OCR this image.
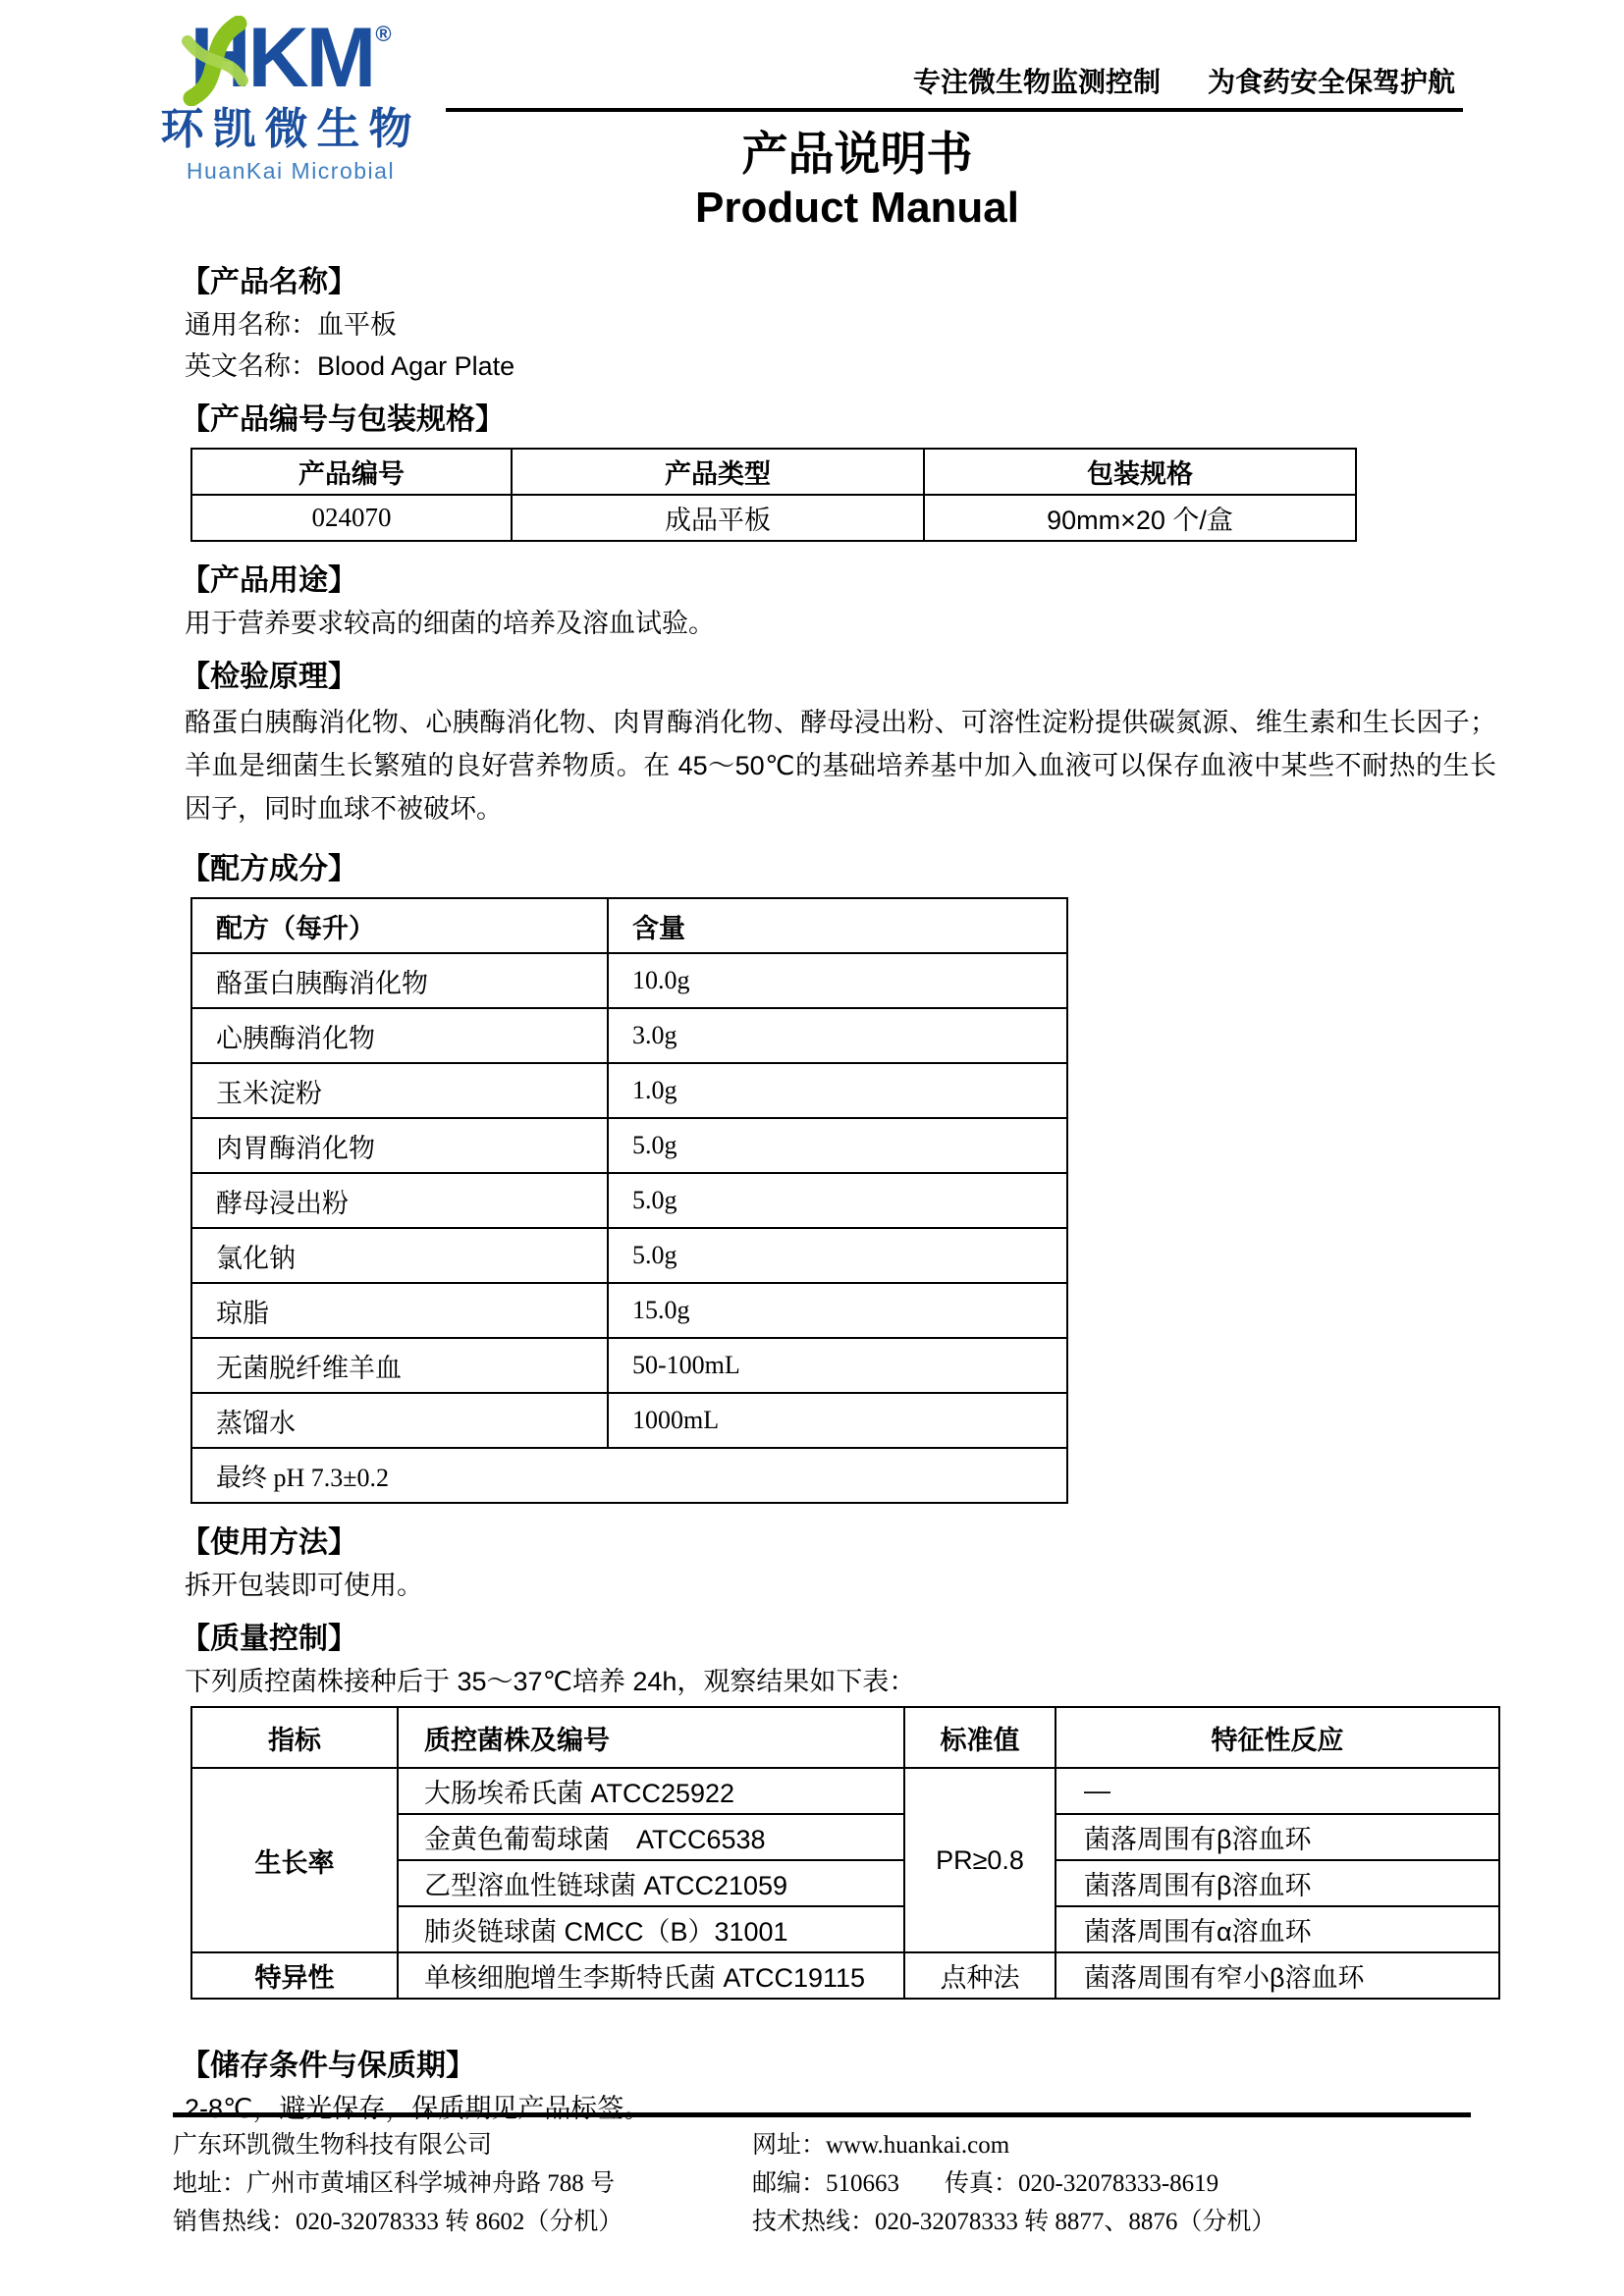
HKM®
环凯微生物
HuanKai Microbial
专注微生物监测控制 为食药安全保驾护航
产品说明书
Product Manual
【产品名称】
通用名称：血平板
英文名称：Blood Agar Plate
【产品编号与包装规格】
产品编号	产品类型	包装规格
024070	成品平板	90mm×20 个/盒
【产品用途】
用于营养要求较高的细菌的培养及溶血试验。
【检验原理】
酪蛋白胰酶消化物、心胰酶消化物、肉胃酶消化物、酵母浸出粉、可溶性淀粉提供碳氮源、维生素和生长因子；羊血是细菌生长繁殖的良好营养物质。在 45～50℃的基础培养基中加入血液可以保存血液中某些不耐热的生长因子，同时血球不被破坏。
【配方成分】
配方（每升）	含量
酪蛋白胰酶消化物	10.0g
心胰酶消化物	3.0g
玉米淀粉	1.0g
肉胃酶消化物	5.0g
酵母浸出粉	5.0g
氯化钠	5.0g
琼脂	15.0g
无菌脱纤维羊血	50-100mL
蒸馏水	1000mL
最终 pH 7.3±0.2	
【使用方法】
拆开包装即可使用。
【质量控制】
下列质控菌株接种后于 35～37℃培养 24h，观察结果如下表：
指标	质控菌株及编号	标准值	特征性反应
生长率	大肠埃希氏菌 ATCC25922	PR≥0.8	—
	金黄色葡萄球菌　ATCC6538		菌落周围有β溶血环
	乙型溶血性链球菌 ATCC21059		菌落周围有β溶血环
	肺炎链球菌 CMCC（B）31001		菌落周围有α溶血环
特异性	单核细胞增生李斯特氏菌 ATCC19115	点种法	菌落周围有窄小β溶血环
【储存条件与保质期】
2-8℃，避光保存，保质期见产品标签。
广东环凯微生物科技有限公司
地址：广州市黄埔区科学城神舟路 788 号
销售热线：020-32078333 转 8602（分机）
网址：www.huankai.com
邮编：510663 传真：020-32078333-8619
技术热线：020-32078333 转 8877、8876（分机）
